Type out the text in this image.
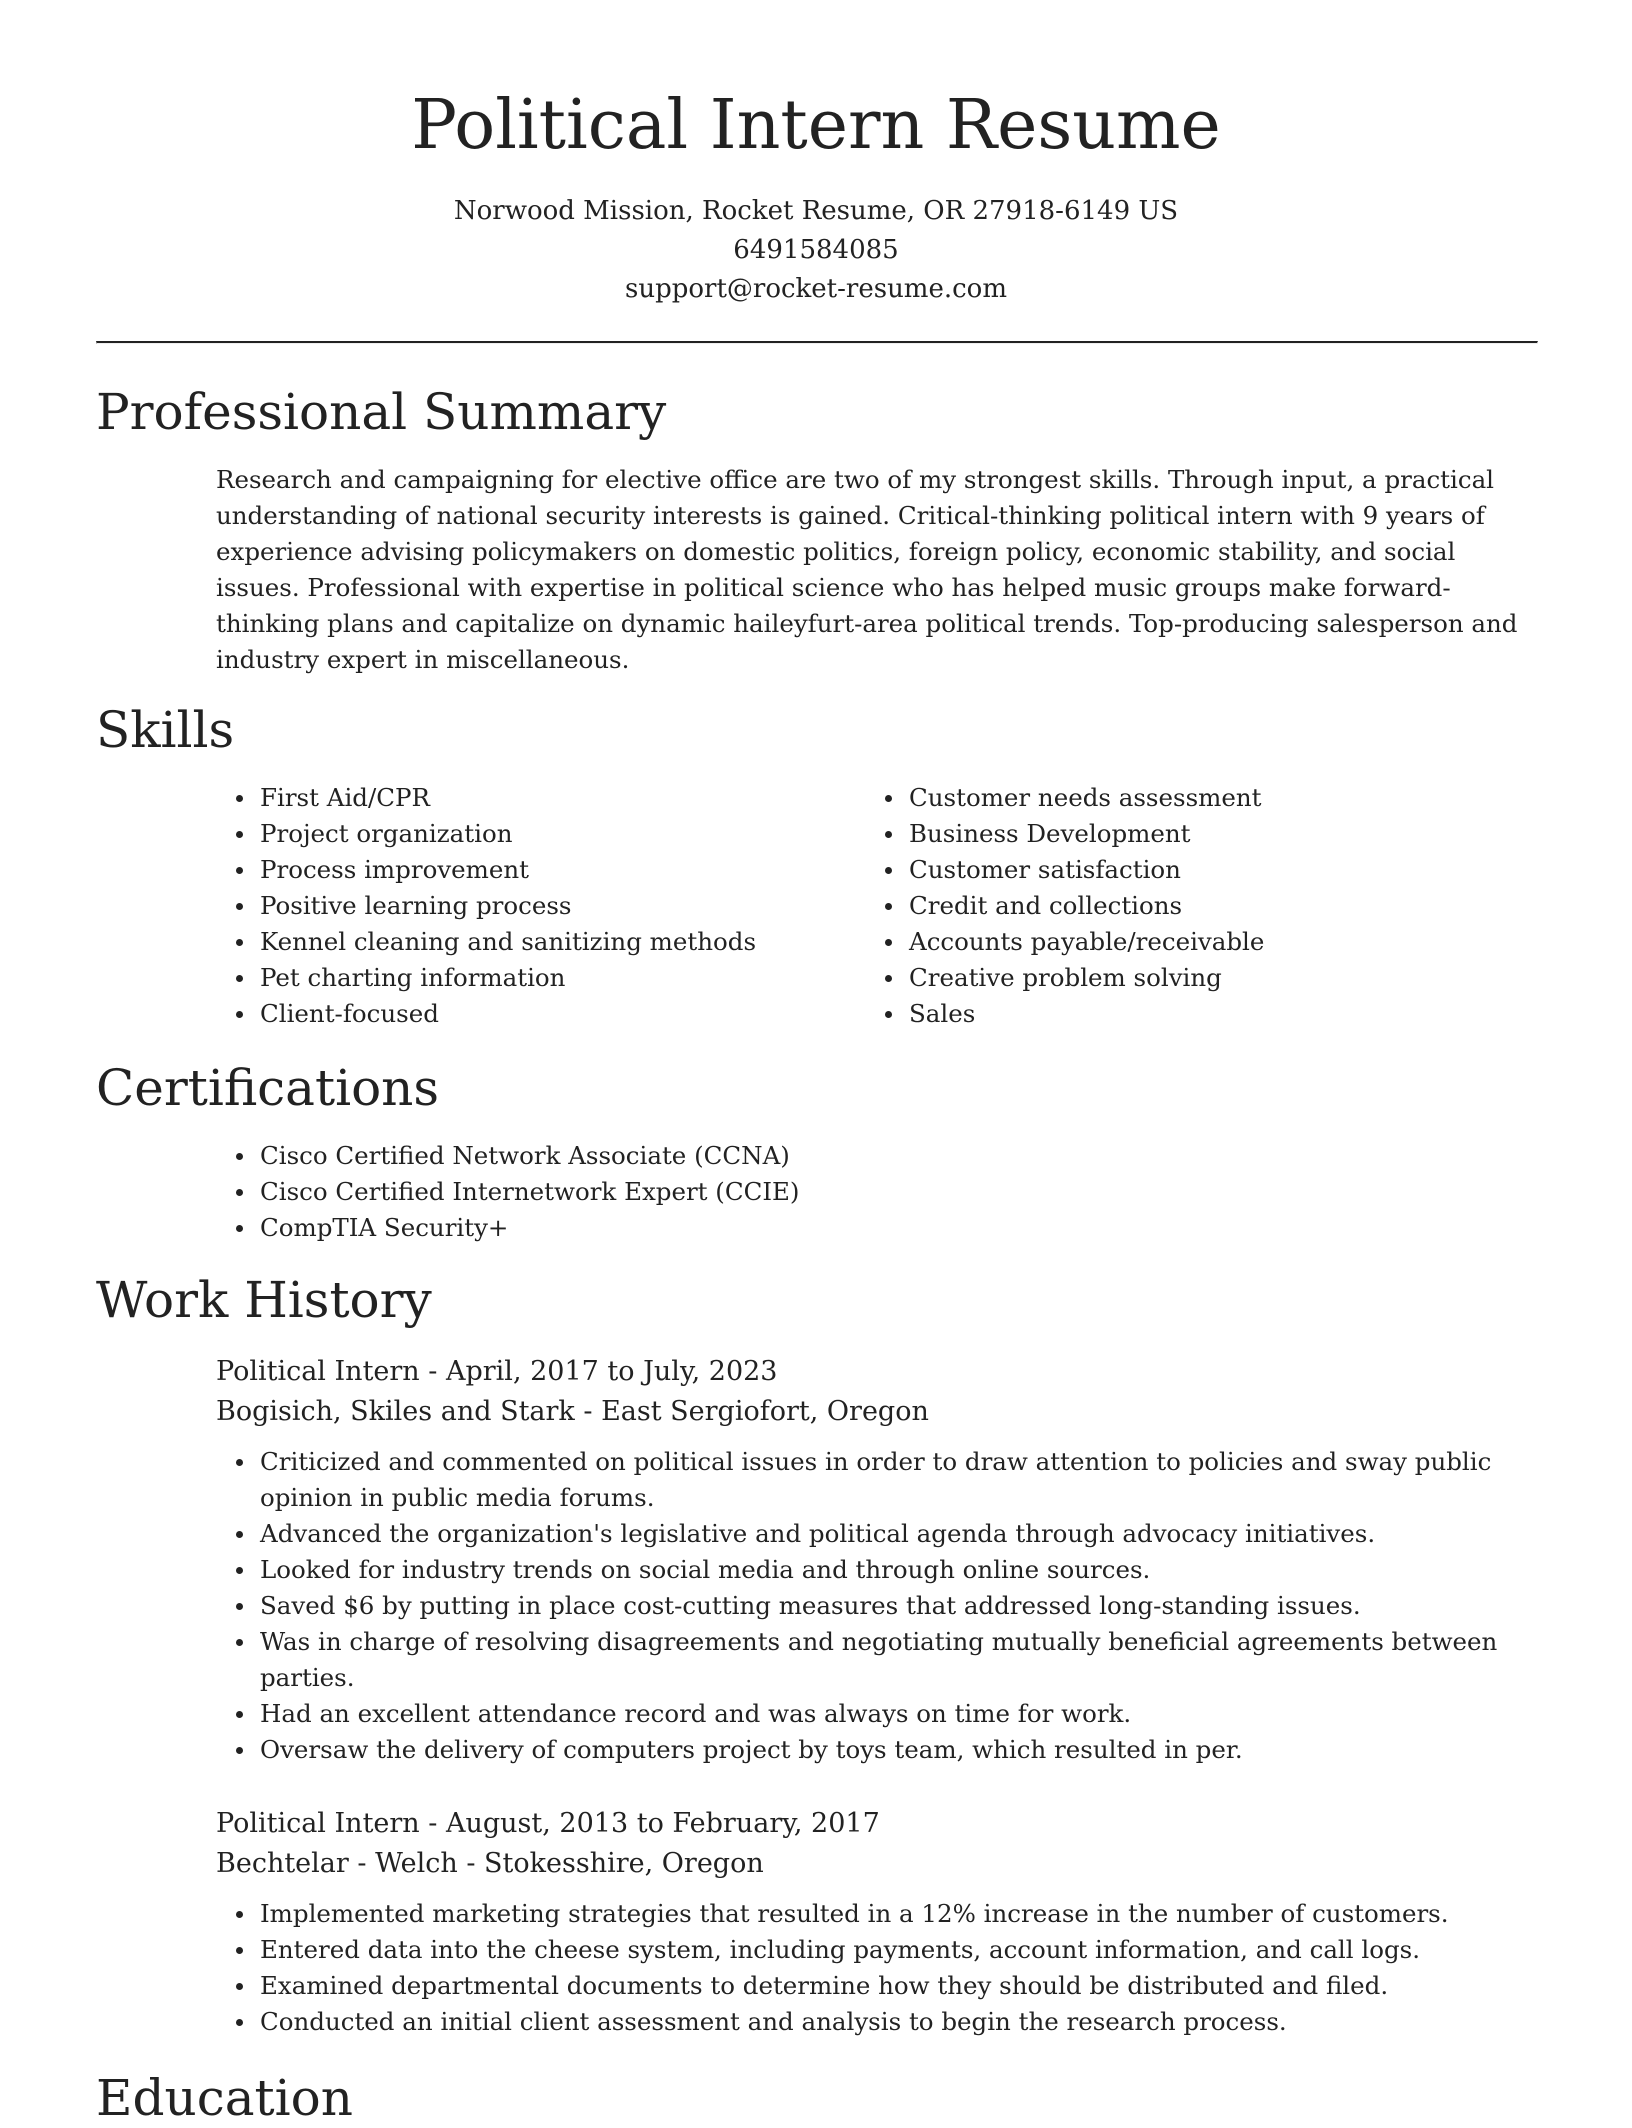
Political Intern Resume
Norwood Mission, Rocket Resume, OR 27918-6149 US
6491584085
support@rocket-resume.com
Professional Summary

Research and campaigning for elective office are two of my strongest skills. Through input, a practical understanding of national security interests is gained. Critical-thinking political intern with 9 years of experience advising policymakers on domestic politics, foreign policy, economic stability, and social issues. Professional with expertise in political science who has helped music groups make forward-thinking plans and capitalize on dynamic haileyfurt-area political trends. Top-producing salesperson and industry expert in miscellaneous.

Skills
First Aid/CPR
Project organization
Process improvement
Positive learning process
Kennel cleaning and sanitizing methods
Pet charting information
Client-focused
Customer needs assessment
Business Development
Customer satisfaction
Credit and collections
Accounts payable/receivable
Creative problem solving
Sales
Certifications
Cisco Certified Network Associate (CCNA)
Cisco Certified Internetwork Expert (CCIE)
CompTIA Security+
Work History
Political Intern - April, 2017 to July, 2023
Bogisich, Skiles and Stark - East Sergiofort, Oregon
Criticized and commented on political issues in order to draw attention to policies and sway public opinion in public media forums.
Advanced the organization's legislative and political agenda through advocacy initiatives.
Looked for industry trends on social media and through online sources.
Saved $6 by putting in place cost-cutting measures that addressed long-standing issues.
Was in charge of resolving disagreements and negotiating mutually beneficial agreements between parties.
Had an excellent attendance record and was always on time for work.
Oversaw the delivery of computers project by toys team, which resulted in per.
Political Intern - August, 2013 to February, 2017
Bechtelar - Welch - Stokesshire, Oregon
Implemented marketing strategies that resulted in a 12% increase in the number of customers.
Entered data into the cheese system, including payments, account information, and call logs.
Examined departmental documents to determine how they should be distributed and filed.
Conducted an initial client assessment and analysis to begin the research process.
Education
